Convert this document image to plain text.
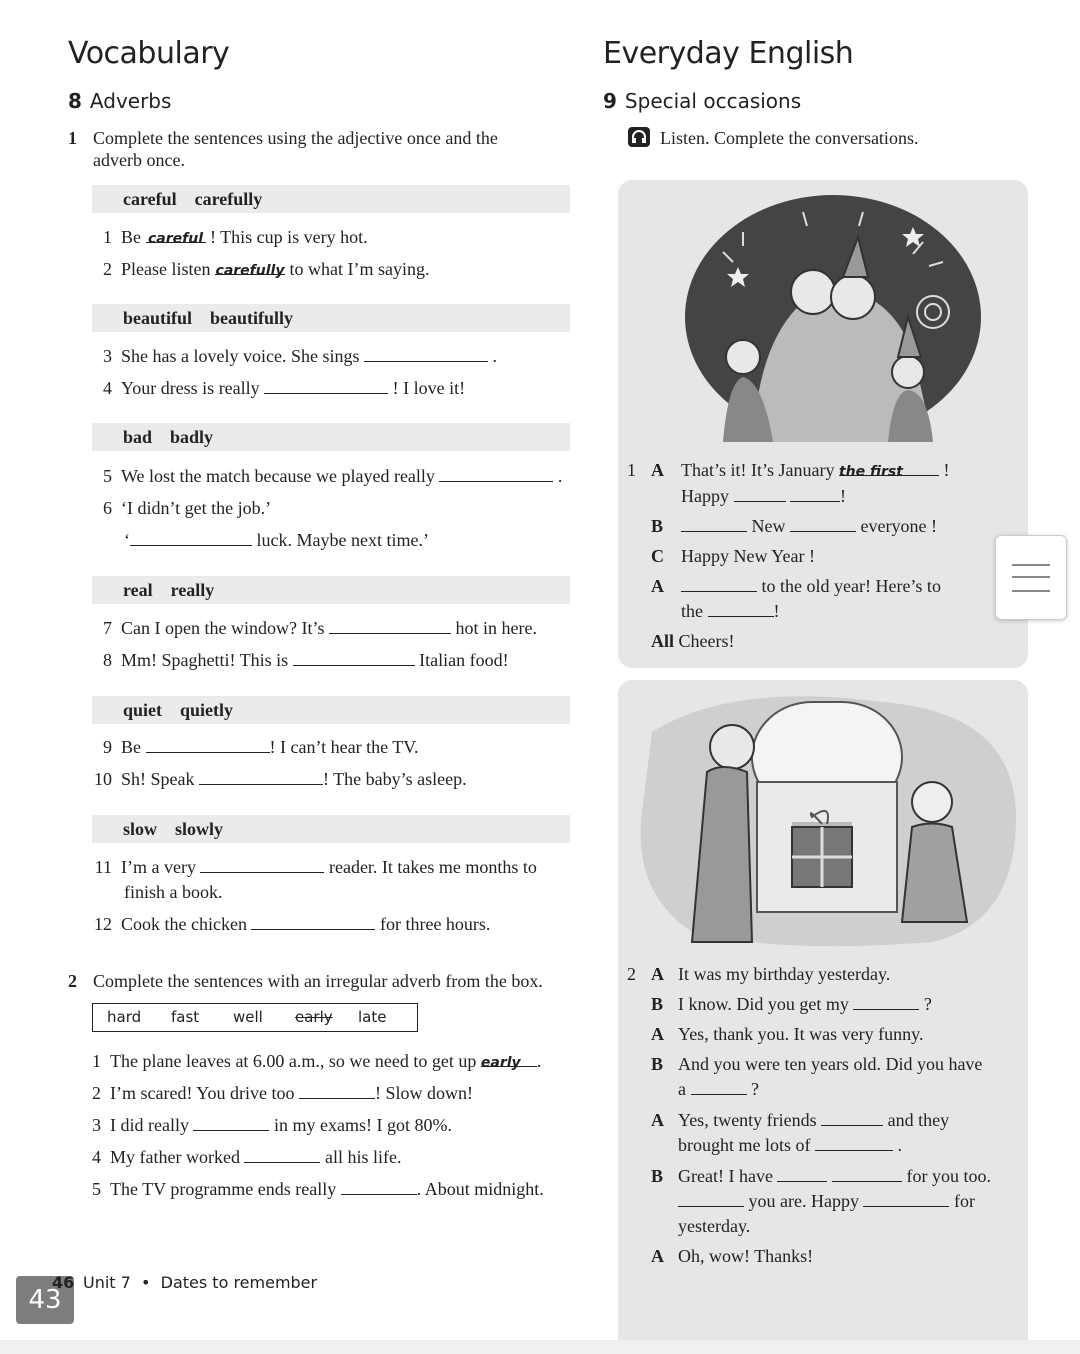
Vocabulary
8 Adverbs
1 Complete the sentences using the adjective once and the
adverb once.
careful carefully
beautiful beautifully
bad badly
real really
quiet quietly
slow slowly
1 Be careful ! This cup is very hot.
2 Please listen carefully to what I’m saying.
3 She has a lovely voice. She sings	.
4 Your dress is really	! I love it!
5 We lost the match because we played really	.
6 ‘I didn’t get the job.’
‘	luck. Maybe next time.’
7 Can I open the window? It’s	hot in here.
8 Mm! Spaghetti! This is	Italian food!
9 Be	! I can’t hear the TV.
10 Sh! Speak	! The baby’s asleep.
11 I’m a very	reader. It takes me months to
finish a book.
12 Cook the chicken	for three hours.
2 Complete the sentences with an irregular adverb from the box.
hard fast well early late
1 The plane leaves at 6.00 a.m., so we need to get up early .
2 I’m scared! You drive too	! Slow down!
3 I did really	in my exams! I got 80%.
4 My father worked	all his life.
5 The TV programme ends really	. About midnight.
Everyday English
9 Special occasions
Listen. Complete the conversations.
1 A That’s it! It’s January the first !
Happy	!
B	New	everyone !
C Happy New Year !
A	to the old year! Here’s to
the	!
All Cheers!
2 A It was my birthday yesterday.
B I know. Did you get my	?
A Yes, thank you. It was very funny.
B And you were ten years old. Did you have
a	?
A Yes, twenty friends	and they
brought me lots of	.
B Great! I have	for you too.
you are. Happy	for
yesterday.
A Oh, wow! Thanks!
43
46 Unit 7 • Dates to remember
